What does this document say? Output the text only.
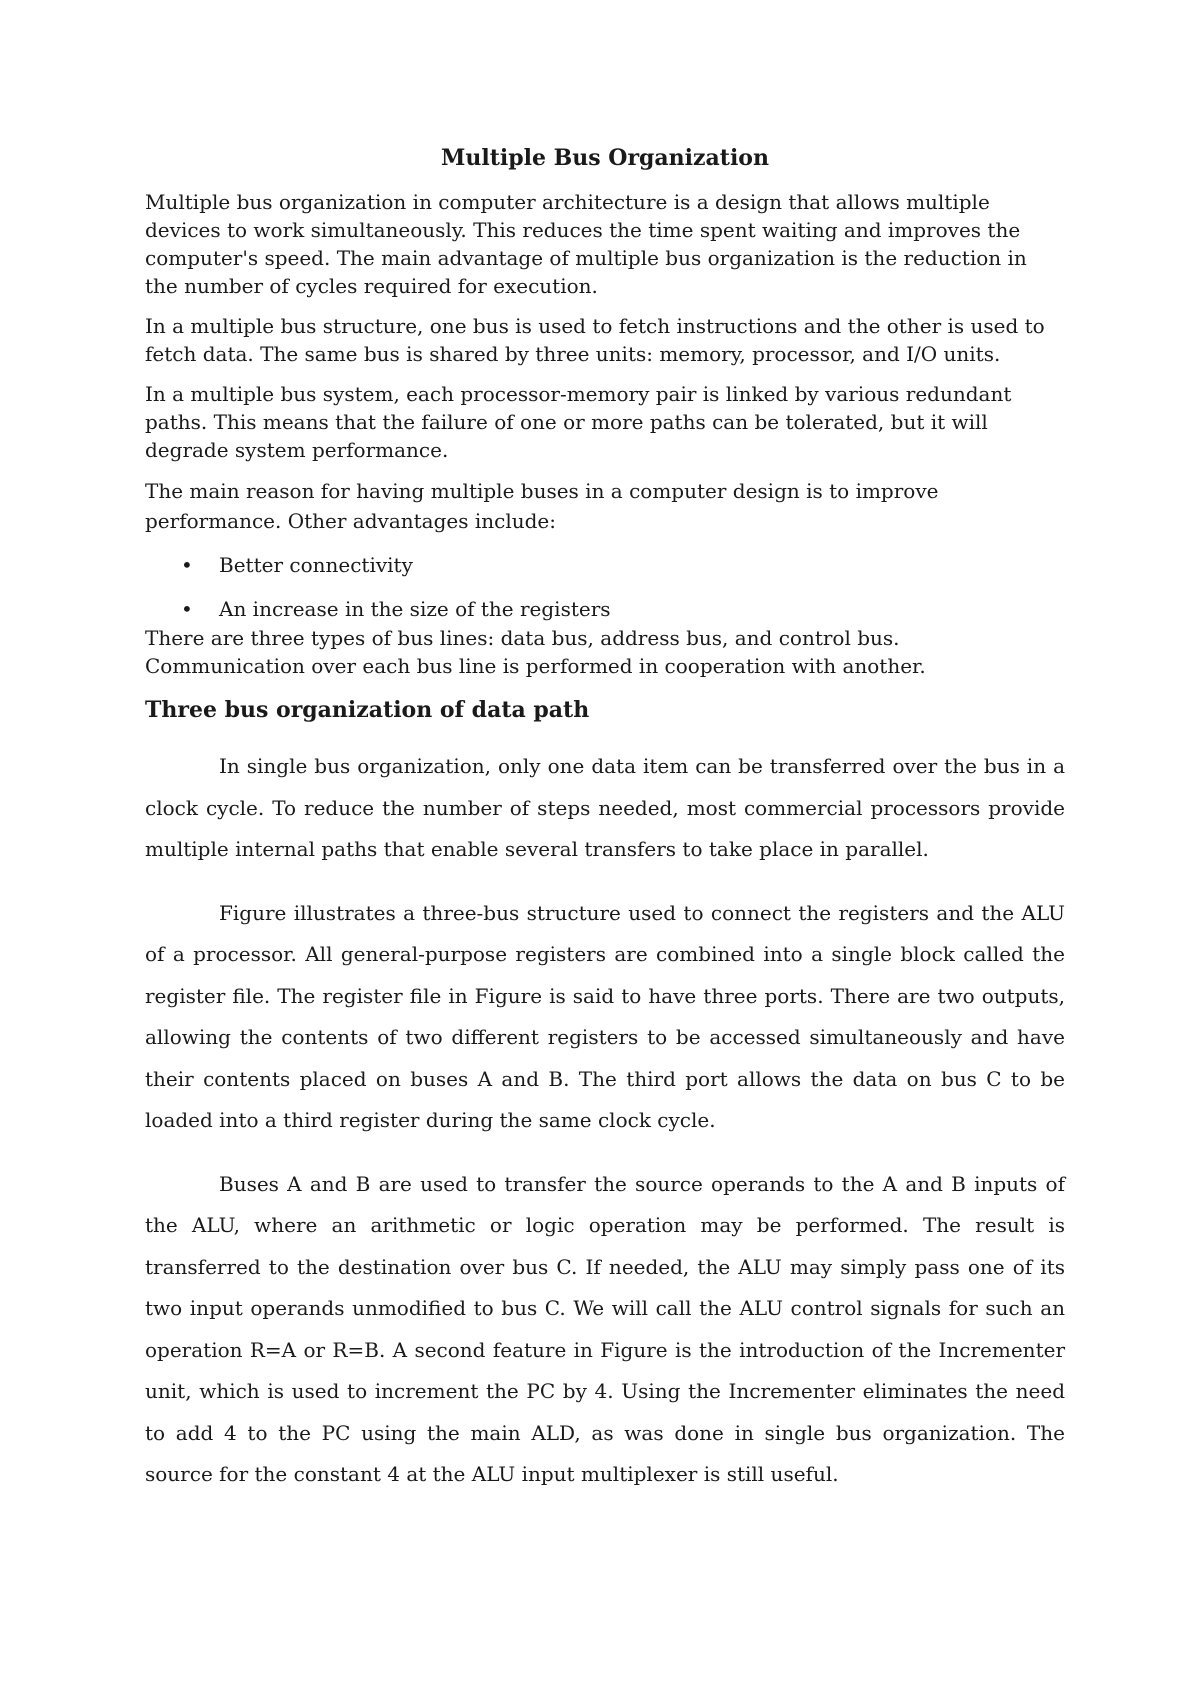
Multiple Bus Organization

Multiple bus organization in computer architecture is a design that allows multiple devices to work simultaneously. This reduces the time spent waiting and improves the computer's speed. The main advantage of multiple bus organization is the reduction in the number of cycles required for execution.

In a multiple bus structure, one bus is used to fetch instructions and the other is used to fetch data. The same bus is shared by three units: memory, processor, and I/O units.

In a multiple bus system, each processor-memory pair is linked by various redundant paths. This means that the failure of one or more paths can be tolerated, but it will degrade system performance.

The main reason for having multiple buses in a computer design is to improve performance. Other advantages include:

• Better connectivity
• An increase in the size of the registers

There are three types of bus lines: data bus, address bus, and control bus. Communication over each bus line is performed in cooperation with another.

Three bus organization of data path

In single bus organization, only one data item can be transferred over the bus in a clock cycle. To reduce the number of steps needed, most commercial processors provide multiple internal paths that enable several transfers to take place in parallel.

Figure illustrates a three-bus structure used to connect the registers and the ALU of a processor. All general-purpose registers are combined into a single block called the register file. The register file in Figure is said to have three ports. There are two outputs, allowing the contents of two different registers to be accessed simultaneously and have their contents placed on buses A and B. The third port allows the data on bus C to be loaded into a third register during the same clock cycle.

Buses A and B are used to transfer the source operands to the A and B inputs of the ALU, where an arithmetic or logic operation may be performed. The result is transferred to the destination over bus C. If needed, the ALU may simply pass one of its two input operands unmodified to bus C. We will call the ALU control signals for such an operation R=A or R=B. A second feature in Figure is the introduction of the Incrementer unit, which is used to increment the PC by 4. Using the Incrementer eliminates the need to add 4 to the PC using the main ALD, as was done in single bus organization. The source for the constant 4 at the ALU input multiplexer is still useful.
